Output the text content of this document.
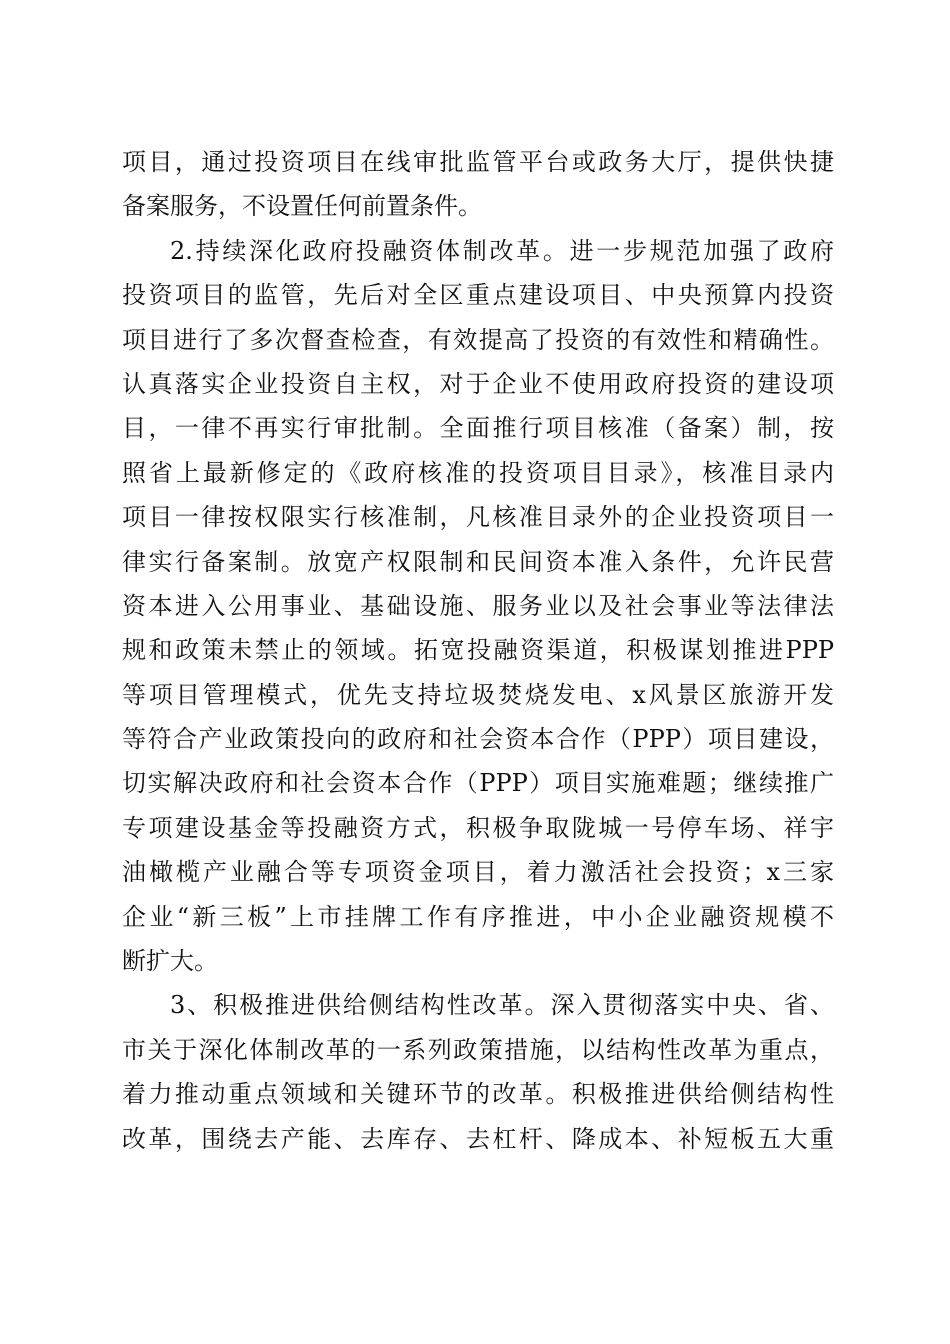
项目，通过投资项目在线审批监管平台或政务大厅，提供快捷
备案服务，不设置任何前置条件。
2.持续深化政府投融资体制改革。进一步规范加强了政府
投资项目的监管，先后对全区重点建设项目、中央预算内投资
项目进行了多次督查检查，有效提高了投资的有效性和精确性。
认真落实企业投资自主权，对于企业不使用政府投资的建设项
目，一律不再实行审批制。全面推行项目核准（备案）制，按
照省上最新修定的《政府核准的投资项目目录》，核准目录内
项目一律按权限实行核准制，凡核准目录外的企业投资项目一
律实行备案制。放宽产权限制和民间资本准入条件，允许民营
资本进入公用事业、基础设施、服务业以及社会事业等法律法
规和政策未禁止的领域。拓宽投融资渠道，积极谋划推进PPP
等项目管理模式，优先支持垃圾焚烧发电、x风景区旅游开发
等符合产业政策投向的政府和社会资本合作（PPP）项目建设，
切实解决政府和社会资本合作（PPP）项目实施难题；继续推广
专项建设基金等投融资方式，积极争取陇城一号停车场、祥宇
油橄榄产业融合等专项资金项目，着力激活社会投资；x三家
企业“新三板”上市挂牌工作有序推进，中小企业融资规模不
断扩大。
3、积极推进供给侧结构性改革。深入贯彻落实中央、省、
市关于深化体制改革的一系列政策措施，以结构性改革为重点，
着力推动重点领域和关键环节的改革。积极推进供给侧结构性
改革，围绕去产能、去库存、去杠杆、降成本、补短板五大重
